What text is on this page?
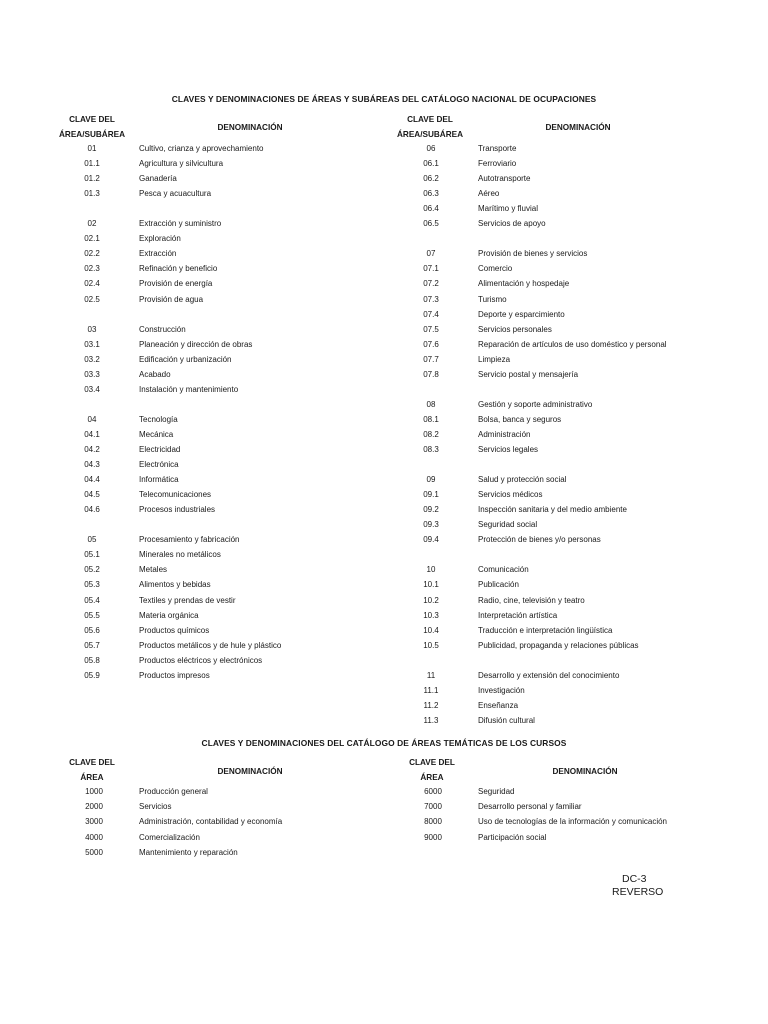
CLAVES Y DENOMINACIONES DE ÁREAS Y SUBÁREAS DEL CATÁLOGO NACIONAL DE OCUPACIONES
CLAVE DEL
ÁREA/SUBÁREA
DENOMINACIÓN
CLAVE DEL
ÁREA/SUBÁREA
DENOMINACIÓN
01	Cultivo, crianza y aprovechamiento
01.1	Agricultura y silvicultura
01.2	Ganadería
01.3	Pesca y acuacultura
02	Extracción y suministro
02.1	Exploración
02.2	Extracción
02.3	Refinación y beneficio
02.4	Provisión de energía
02.5	Provisión de agua
03	Construcción
03.1	Planeación y dirección de obras
03.2	Edificación y urbanización
03.3	Acabado
03.4	Instalación y mantenimiento
04	Tecnología
04.1	Mecánica
04.2	Electricidad
04.3	Electrónica
04.4	Informática
04.5	Telecomunicaciones
04.6	Procesos industriales
05	Procesamiento y fabricación
05.1	Minerales no metálicos
05.2	Metales
05.3	Alimentos y bebidas
05.4	Textiles y prendas de vestir
05.5	Materia orgánica
05.6	Productos químicos
05.7	Productos metálicos y de hule y plástico
05.8	Productos eléctricos y electrónicos
05.9	Productos impresos
06	Transporte
06.1	Ferroviario
06.2	Autotransporte
06.3	Aéreo
06.4	Marítimo y fluvial
06.5	Servicios de apoyo
07	Provisión de bienes y servicios
07.1	Comercio
07.2	Alimentación y hospedaje
07.3	Turismo
07.4	Deporte y esparcimiento
07.5	Servicios personales
07.6	Reparación de artículos de uso doméstico y personal
07.7	Limpieza
07.8	Servicio postal y mensajería
08	Gestión y soporte administrativo
08.1	Bolsa, banca y seguros
08.2	Administración
08.3	Servicios legales
09	Salud y protección social
09.1	Servicios médicos
09.2	Inspección sanitaria y del medio ambiente
09.3	Seguridad social
09.4	Protección de bienes y/o personas
10	Comunicación
10.1	Publicación
10.2	Radio, cine, televisión y teatro
10.3	Interpretación artística
10.4	Traducción e interpretación lingüística
10.5	Publicidad, propaganda y relaciones públicas
11	Desarrollo y extensión del conocimiento
11.1	Investigación
11.2	Enseñanza
11.3	Difusión cultural
CLAVES Y DENOMINACIONES DEL CATÁLOGO DE ÁREAS TEMÁTICAS DE LOS CURSOS
CLAVE DEL
ÁREA
DENOMINACIÓN
CLAVE DEL
ÁREA
DENOMINACIÓN
1000	Producción general
2000	Servicios
3000	Administración, contabilidad y economía
4000	Comercialización
5000	Mantenimiento y reparación
6000	Seguridad
7000	Desarrollo personal y familiar
8000	Uso de tecnologías de la información y comunicación
9000	Participación social
DC-3
REVERSO
